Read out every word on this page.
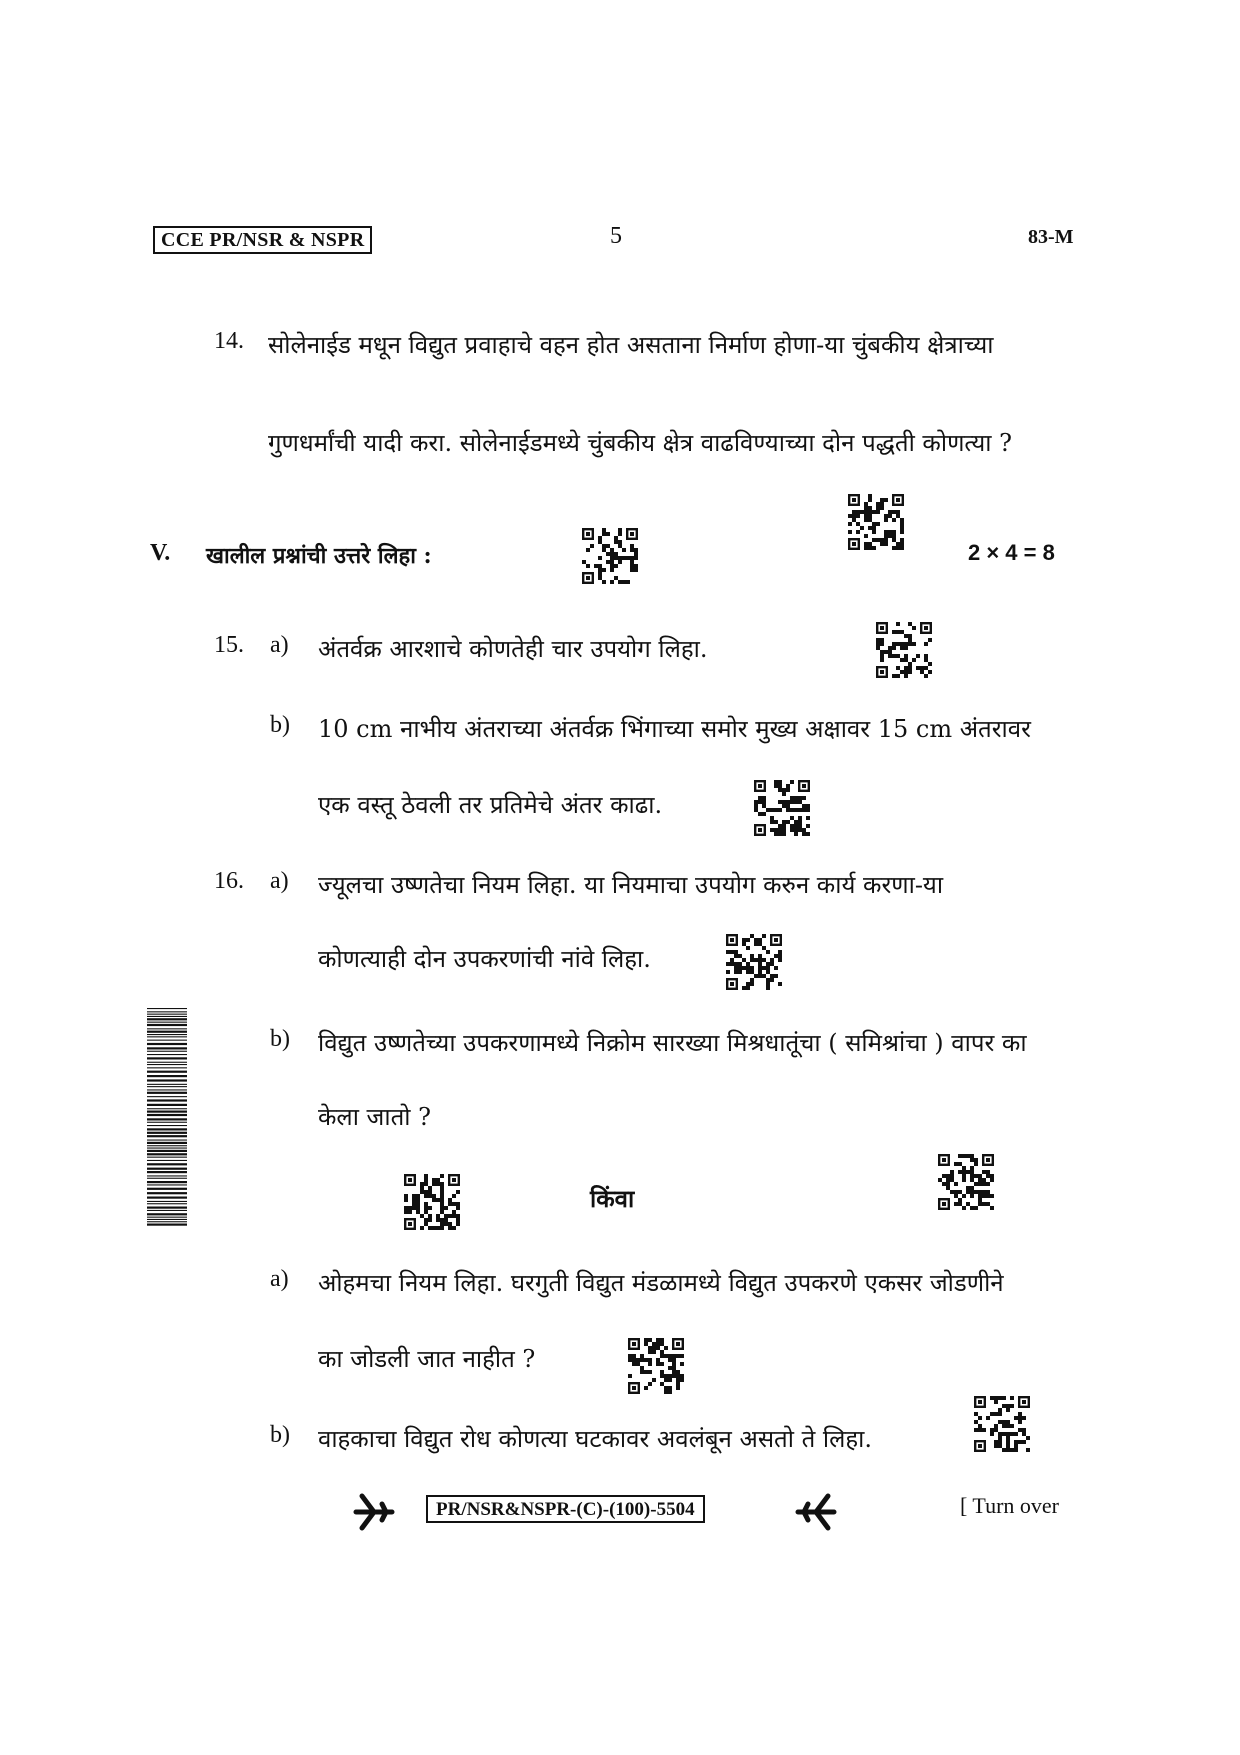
CCE PR/NSR & NSPR	5	83-M
14. सोलेनाईड मधून विद्युत प्रवाहाचे वहन होत असताना निर्माण होणा-या चुंबकीय क्षेत्राच्या
गुणधर्मांची यादी करा. सोलेनाईडमध्ये चुंबकीय क्षेत्र वाढविण्याच्या दोन पद्धती कोणत्या ?
V. खालील प्रश्नांची उत्तरे लिहा :	2 × 4 = 8
15. a) अंतर्वक्र आरशाचे कोणतेही चार उपयोग लिहा.
b) 10 cm नाभीय अंतराच्या अंतर्वक्र भिंगाच्या समोर मुख्य अक्षावर 15 cm अंतरावर
एक वस्तू ठेवली तर प्रतिमेचे अंतर काढा.
16. a) ज्यूलचा उष्णतेचा नियम लिहा. या नियमाचा उपयोग करुन कार्य करणा-या
कोणत्याही दोन उपकरणांची नांवे लिहा.
b) विद्युत उष्णतेच्या उपकरणामध्ये निक्रोम सारख्या मिश्रधातूंचा ( समिश्रांचा ) वापर का
केला जातो ?
किंवा
a) ओहमचा नियम लिहा. घरगुती विद्युत मंडळामध्ये विद्युत उपकरणे एकसर जोडणीने
का जोडली जात नाहीत ?
b) वाहकाचा विद्युत रोध कोणत्या घटकावर अवलंबून असतो ते लिहा.
PR/NSR&NSPR-(C)-(100)-5504	[ Turn over
